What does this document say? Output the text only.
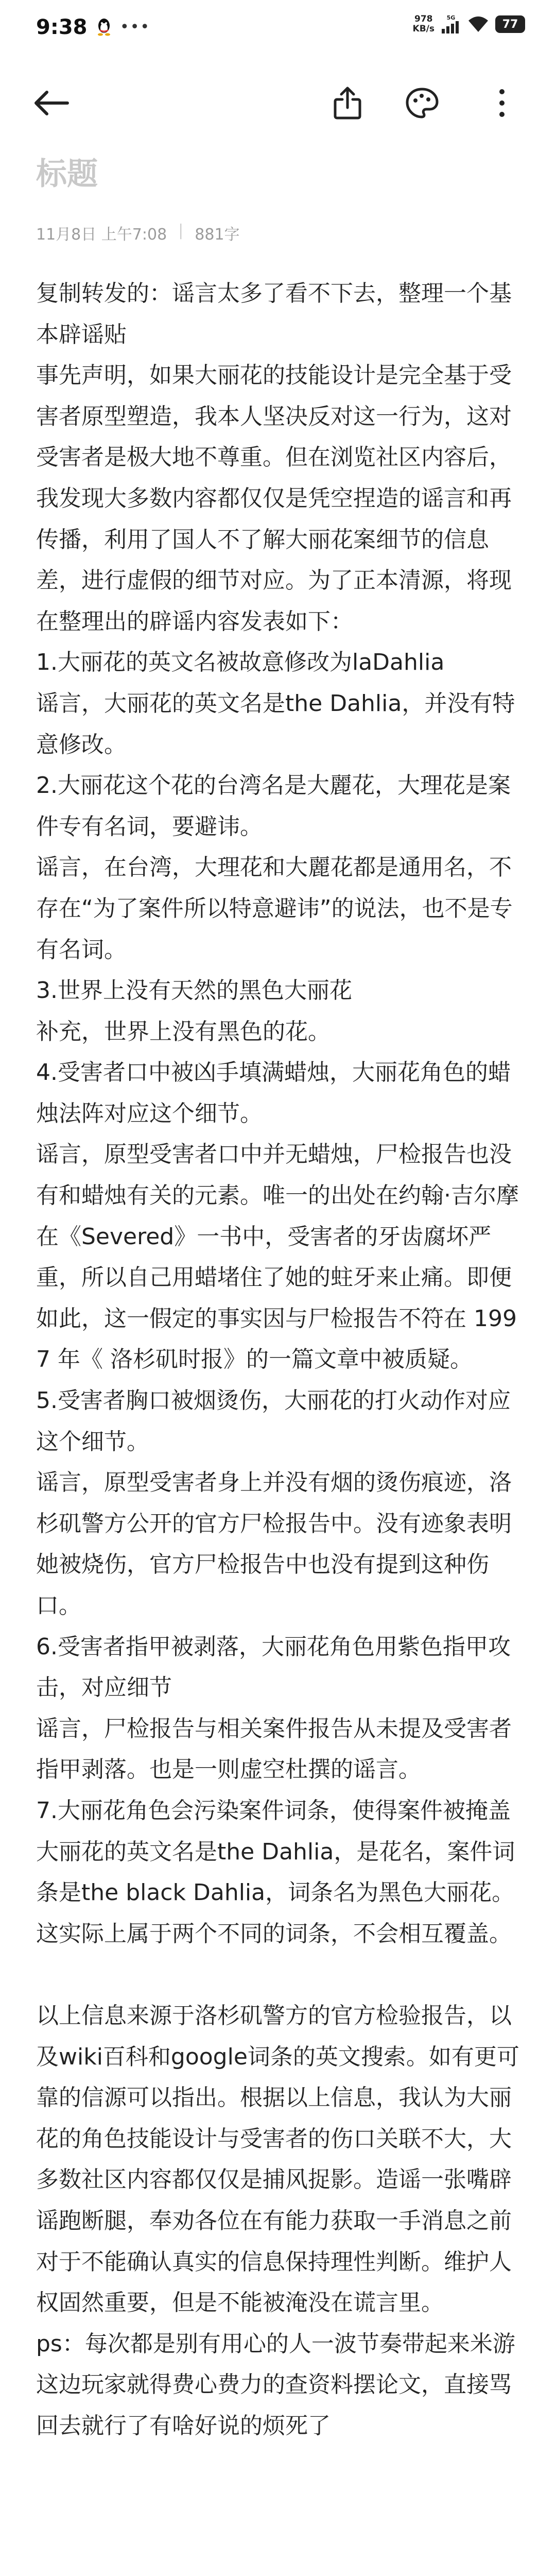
9:38 •••	978
KB/s
5G	77
标题
11月8日 上午7:08 | 881字

复制转发的：谣言太多了看不下去，整理一个基本辟谣贴

事先声明，如果大丽花的技能设计是完全基于受害者原型塑造，我本人坚决反对这一行为，这对受害者是极大地不尊重。但在浏览社区内容后，我发现大多数内容都仅仅是凭空捏造的谣言和再传播，利用了国人不了解大丽花案细节的信息差，进行虚假的细节对应。为了正本清源，将现在整理出的辟谣内容发表如下：

1.大丽花的英文名被故意修改为laDahlia

谣言，大丽花的英文名是the Dahlia，并没有特意修改。

2.大丽花这个花的台湾名是大麗花，大理花是案件专有名词，要避讳。

谣言，在台湾，大理花和大麗花都是通用名，不存在“为了案件所以特意避讳”的说法，也不是专有名词。

3.世界上没有天然的黑色大丽花

补充，世界上没有黑色的花。

4.受害者口中被凶手填满蜡烛，大丽花角色的蜡烛法阵对应这个细节。

谣言，原型受害者口中并无蜡烛，尸检报告也没有和蜡烛有关的元素。唯一的出处在约翰·吉尔摩在《Severed》一书中，受害者的牙齿腐坏严重，所以自己用蜡堵住了她的蛀牙来止痛。即便如此，这一假定的事实因与尸检报告不符在 1997 年《 洛杉矶时报》的一篇文章中被质疑。

5.受害者胸口被烟烫伤，大丽花的打火动作对应这个细节。

谣言，原型受害者身上并没有烟的烫伤痕迹，洛杉矶警方公开的官方尸检报告中。没有迹象表明她被烧伤，官方尸检报告中也没有提到这种伤口。

6.受害者指甲被剥落，大丽花角色用紫色指甲攻击，对应细节

谣言，尸检报告与相关案件报告从未提及受害者指甲剥落。也是一则虚空杜撰的谣言。

7.大丽花角色会污染案件词条，使得案件被掩盖大丽花的英文名是the Dahlia，是花名，案件词条是the black Dahlia，词条名为黑色大丽花。这实际上属于两个不同的词条，不会相互覆盖。

以上信息来源于洛杉矶警方的官方检验报告，以及wiki百科和google词条的英文搜索。如有更可靠的信源可以指出。根据以上信息，我认为大丽花的角色技能设计与受害者的伤口关联不大，大多数社区内容都仅仅是捕风捉影。造谣一张嘴辟谣跑断腿，奉劝各位在有能力获取一手消息之前对于不能确认真实的信息保持理性判断。维护人权固然重要，但是不能被淹没在谎言里。

ps：每次都是别有用心的人一波节奏带起来米游这边玩家就得费心费力的查资料摆论文，直接骂回去就行了有啥好说的烦死了
